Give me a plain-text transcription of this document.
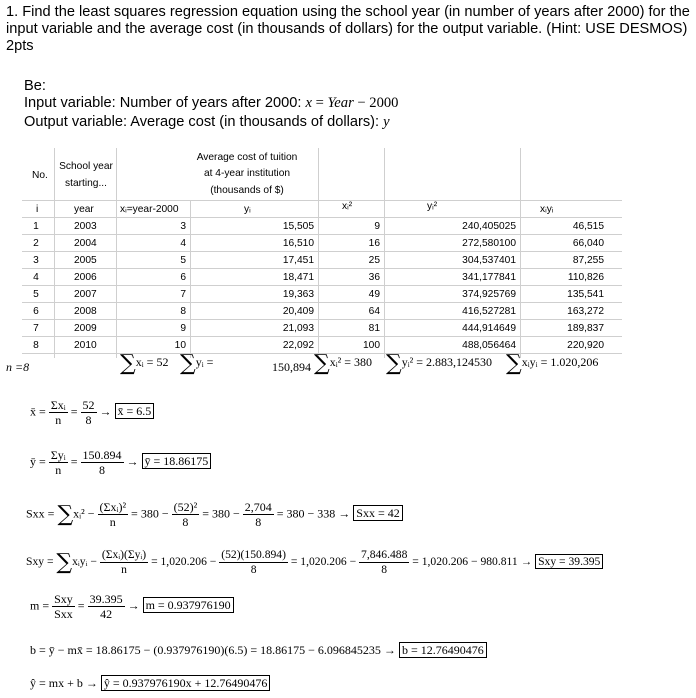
1. Find the least squares regression equation using the school year (in number of years after 2000) for the input variable and the average cost (in thousands of dollars) for the output variable. (Hint: USE DESMOS) 2pts
Be:
Input variable: Number of years after 2000: x = Year − 2000
Output variable: Average cost (in thousands of dollars): y
No.
School year
starting...
Average cost of tuition
at 4-year institution
(thousands of $)
i	year	xᵢ=year-2000	yᵢ	xᵢ²	yᵢ²	xᵢyᵢ
1	2003	3	15,505	9	240,405025	46,515
2	2004	4	16,510	16	272,580100	66,040
3	2005	5	17,451	25	304,537401	87,255
4	2006	6	18,471	36	341,177841	110,826
5	2007	7	19,363	49	374,925769	135,541
6	2008	8	20,409	64	416,527281	163,272
7	2009	9	21,093	81	444,914649	189,837
8	2010	10	22,092	100	488,056464	220,920
n =8	∑xᵢ = 52 ∑yᵢ =	150,894 ∑xᵢ² = 380 ∑yᵢ² = 2.883,124530 ∑xᵢyᵢ = 1.020,206
x̄ = $\frac{\text{Σxᵢ}}{n} = \frac{52}{8}$ → x̄ = 6.5
ȳ = $\frac{\text{Σyᵢ}}{n} = \frac{150.894}{8}$ → ȳ = 18.86175
Sxx = ∑xᵢ² − $\frac{\text{(Σxᵢ)²}}{n} = 380 - \frac{\text{(52)²}}{8} = 380 - \frac{2,704}{8} = 380 - 338$ → Sxx = 42
Sxy = ∑xᵢyᵢ − $\frac{\text{(Σxᵢ)(Σyᵢ)}}{n} = 1,020.206 - \frac{(52)(150.894)}{8} = 1,020.206 - \frac{7,846.488}{8} = 1,020.206 - 980.811$ → Sxy = 39.395
$m = \frac{\text{Sxy}}{\text{Sxx}} = \frac{39.395}{42} \to m = 0.937976190$
b = ȳ − mx̄ = 18.86175 − (0.937976190)(6.5) = 18.86175 − 6.096845235 → b = 12.76490476
ŷ = mx + b → ŷ = 0.937976190x + 12.76490476
